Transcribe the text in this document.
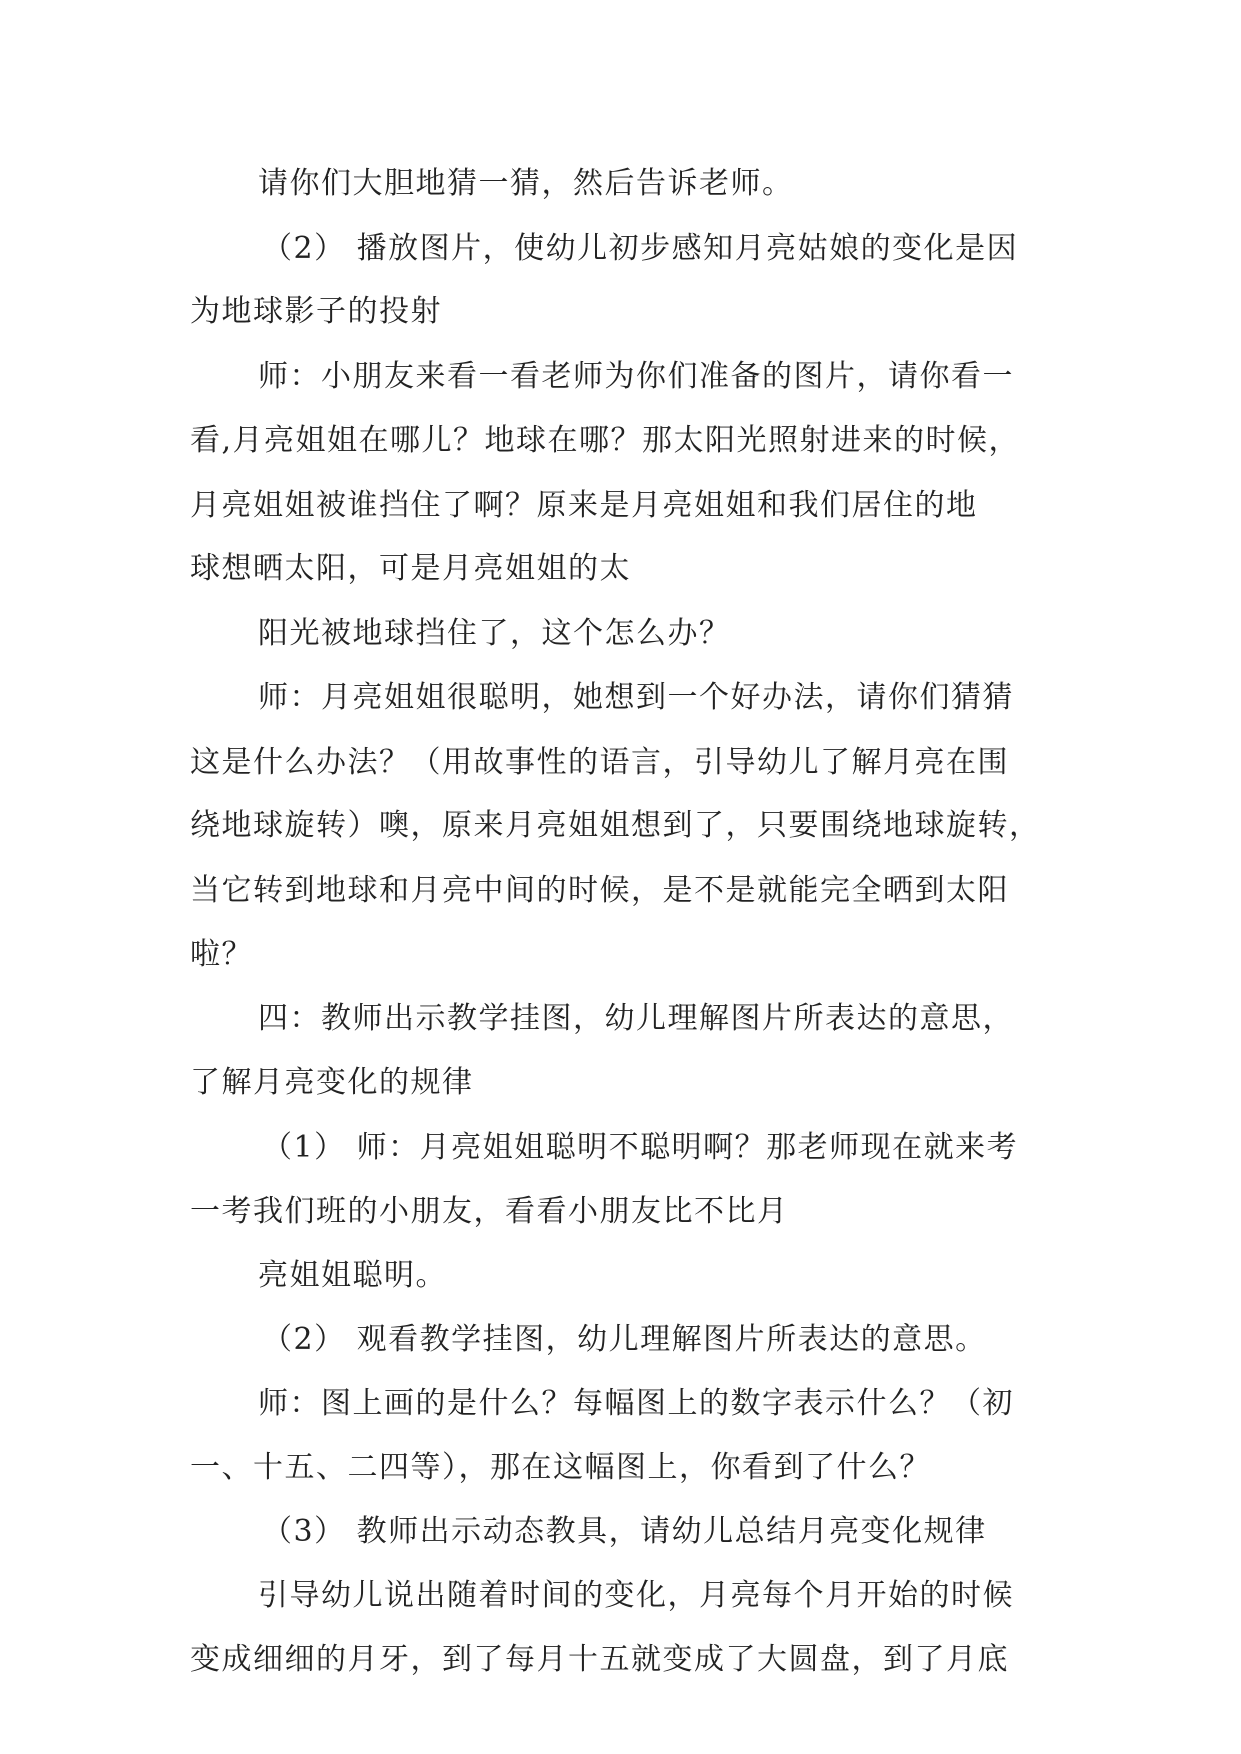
请你们大胆地猜一猜，然后告诉老师。
（2） 播放图片，使幼儿初步感知月亮姑娘的变化是因
为地球影子的投射
师：小朋友来看一看老师为你们准备的图片，请你看一
看,月亮姐姐在哪儿？地球在哪？那太阳光照射进来的时候，
月亮姐姐被谁挡住了啊？原来是月亮姐姐和我们居住的地
球想晒太阳，可是月亮姐姐的太
阳光被地球挡住了，这个怎么办？
师：月亮姐姐很聪明，她想到一个好办法，请你们猜猜
这是什么办法？（用故事性的语言，引导幼儿了解月亮在围
绕地球旋转）噢，原来月亮姐姐想到了，只要围绕地球旋转，
当它转到地球和月亮中间的时候，是不是就能完全晒到太阳
啦？
四：教师出示教学挂图，幼儿理解图片所表达的意思，
了解月亮变化的规律
（1） 师：月亮姐姐聪明不聪明啊？那老师现在就来考
一考我们班的小朋友，看看小朋友比不比月
亮姐姐聪明。
（2） 观看教学挂图，幼儿理解图片所表达的意思。
师：图上画的是什么？每幅图上的数字表示什么？（初
一、十五、二四等），那在这幅图上，你看到了什么？
（3） 教师出示动态教具，请幼儿总结月亮变化规律
引导幼儿说出随着时间的变化，月亮每个月开始的时候
变成细细的月牙，到了每月十五就变成了大圆盘，到了月底
